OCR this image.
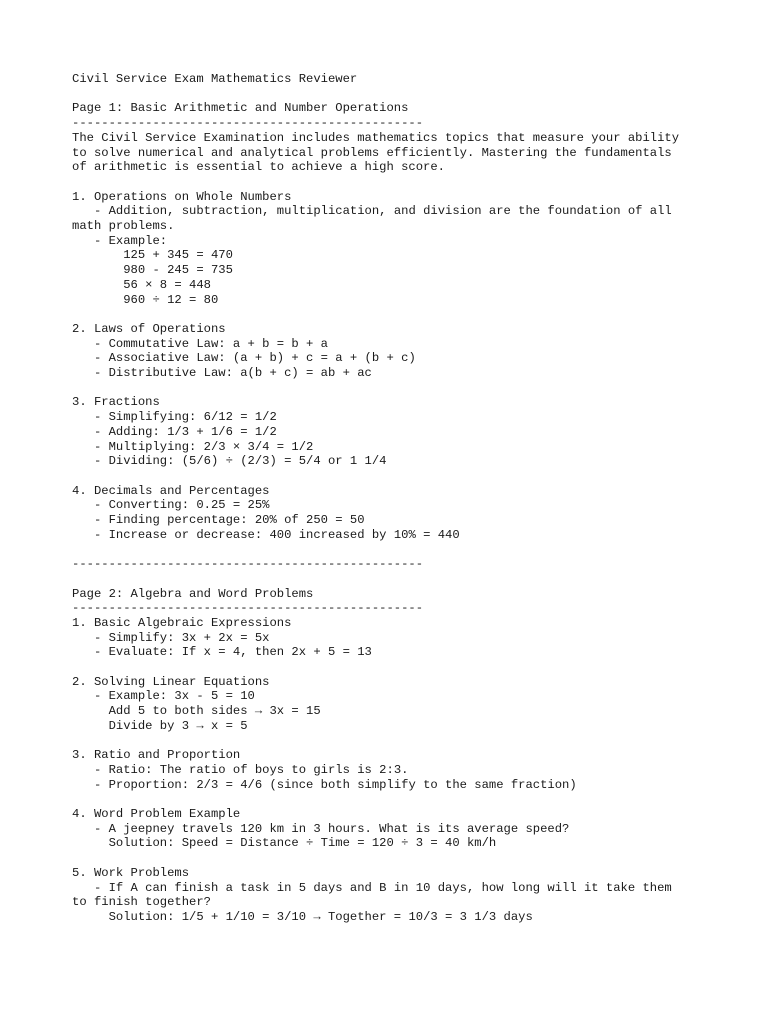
Civil Service Exam Mathematics Reviewer
Page 1: Basic Arithmetic and Number Operations
------------------------------------------------
The Civil Service Examination includes mathematics topics that measure your ability
to solve numerical and analytical problems efficiently. Mastering the fundamentals
of arithmetic is essential to achieve a high score.
1. Operations on Whole Numbers
- Addition, subtraction, multiplication, and division are the foundation of all
math problems.
- Example:
125 + 345 = 470
980 - 245 = 735
56 × 8 = 448
960 ÷ 12 = 80
2. Laws of Operations
- Commutative Law: a + b = b + a
- Associative Law: (a + b) + c = a + (b + c)
- Distributive Law: a(b + c) = ab + ac
3. Fractions
- Simplifying: 6/12 = 1/2
- Adding: 1/3 + 1/6 = 1/2
- Multiplying: 2/3 × 3/4 = 1/2
- Dividing: (5/6) ÷ (2/3) = 5/4 or 1 1/4
4. Decimals and Percentages
- Converting: 0.25 = 25%
- Finding percentage: 20% of 250 = 50
- Increase or decrease: 400 increased by 10% = 440
------------------------------------------------
Page 2: Algebra and Word Problems
------------------------------------------------
1. Basic Algebraic Expressions
- Simplify: 3x + 2x = 5x
- Evaluate: If x = 4, then 2x + 5 = 13
2. Solving Linear Equations
- Example: 3x - 5 = 10
Add 5 to both sides → 3x = 15
Divide by 3 → x = 5
3. Ratio and Proportion
- Ratio: The ratio of boys to girls is 2:3.
- Proportion: 2/3 = 4/6 (since both simplify to the same fraction)
4. Word Problem Example
- A jeepney travels 120 km in 3 hours. What is its average speed?
Solution: Speed = Distance ÷ Time = 120 ÷ 3 = 40 km/h
5. Work Problems
- If A can finish a task in 5 days and B in 10 days, how long will it take them
to finish together?
Solution: 1/5 + 1/10 = 3/10 → Together = 10/3 = 3 1/3 days
